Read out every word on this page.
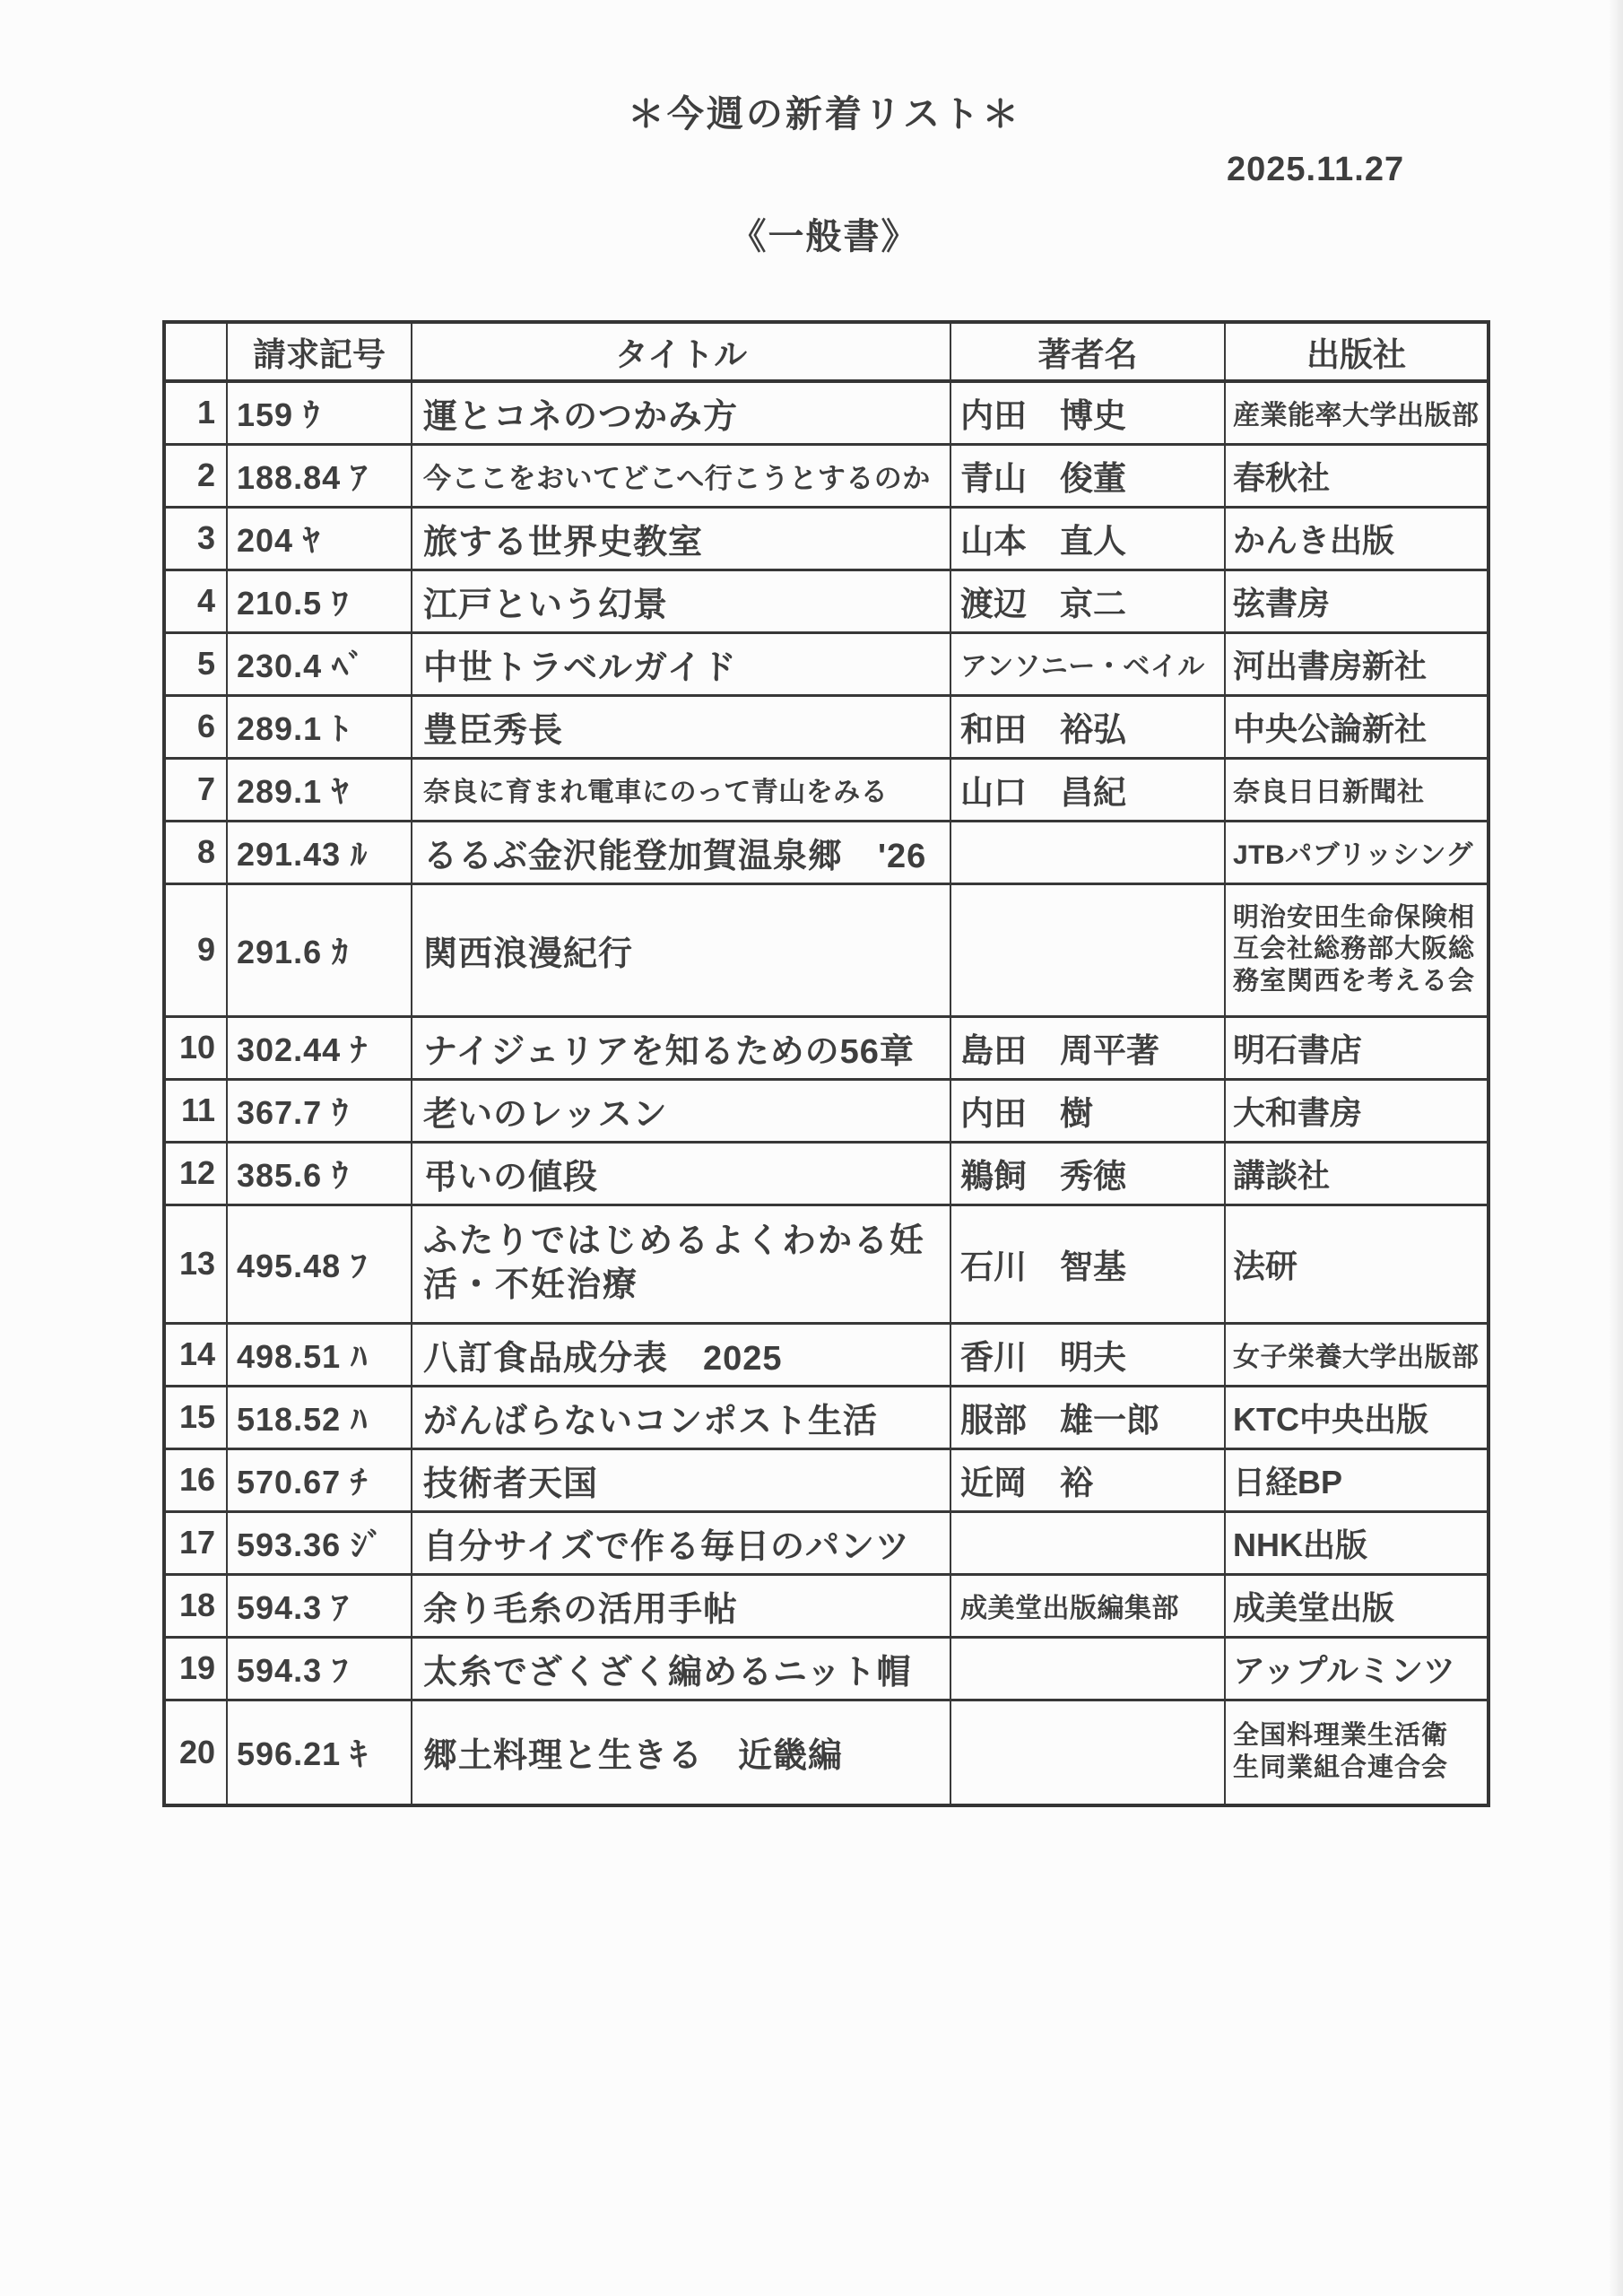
＊今週の新着リスト＊
2025.11.27
《一般書》
	請求記号	タイトル	著者名	出版社
1	159 ｳ	運とコネのつかみ方	内田　博史	産業能率大学出版部
2	188.84 ｱ	今ここをおいてどこへ行こうとするのか	青山　俊董	春秋社
3	204 ﾔ	旅する世界史教室	山本　直人	かんき出版
4	210.5 ﾜ	江戸という幻景	渡辺　京二	弦書房
5	230.4 ﾍﾞ	中世トラベルガイド	アンソニー・ベイル	河出書房新社
6	289.1 ﾄ	豊臣秀長	和田　裕弘	中央公論新社
7	289.1 ﾔ	奈良に育まれ電車にのって青山をみる	山口　昌紀	奈良日日新聞社
8	291.43 ﾙ	るるぶ金沢能登加賀温泉郷　'26		JTBパブリッシング
9	291.6 ｶ	関西浪漫紀行		明治安田生命保険相互会社総務部大阪総務室関西を考える会
10	302.44 ﾅ	ナイジェリアを知るための56章	島田　周平著	明石書店
11	367.7 ｳ	老いのレッスン	内田　樹	大和書房
12	385.6 ｳ	弔いの値段	鵜飼　秀徳	講談社
13	495.48 ﾌ	ふたりではじめるよくわかる妊活・不妊治療	石川　智基	法研
14	498.51 ﾊ	八訂食品成分表　2025	香川　明夫	女子栄養大学出版部
15	518.52 ﾊ	がんばらないコンポスト生活	服部　雄一郎	KTC中央出版
16	570.67 ﾁ	技術者天国	近岡　裕	日経BP
17	593.36 ｼﾞ	自分サイズで作る毎日のパンツ		NHK出版
18	594.3 ｱ	余り毛糸の活用手帖	成美堂出版編集部	成美堂出版
19	594.3 ﾌ	太糸でざくざく編めるニット帽		アップルミンツ
20	596.21 ｷ	郷土料理と生きる　近畿編		全国料理業生活衛生同業組合連合会
